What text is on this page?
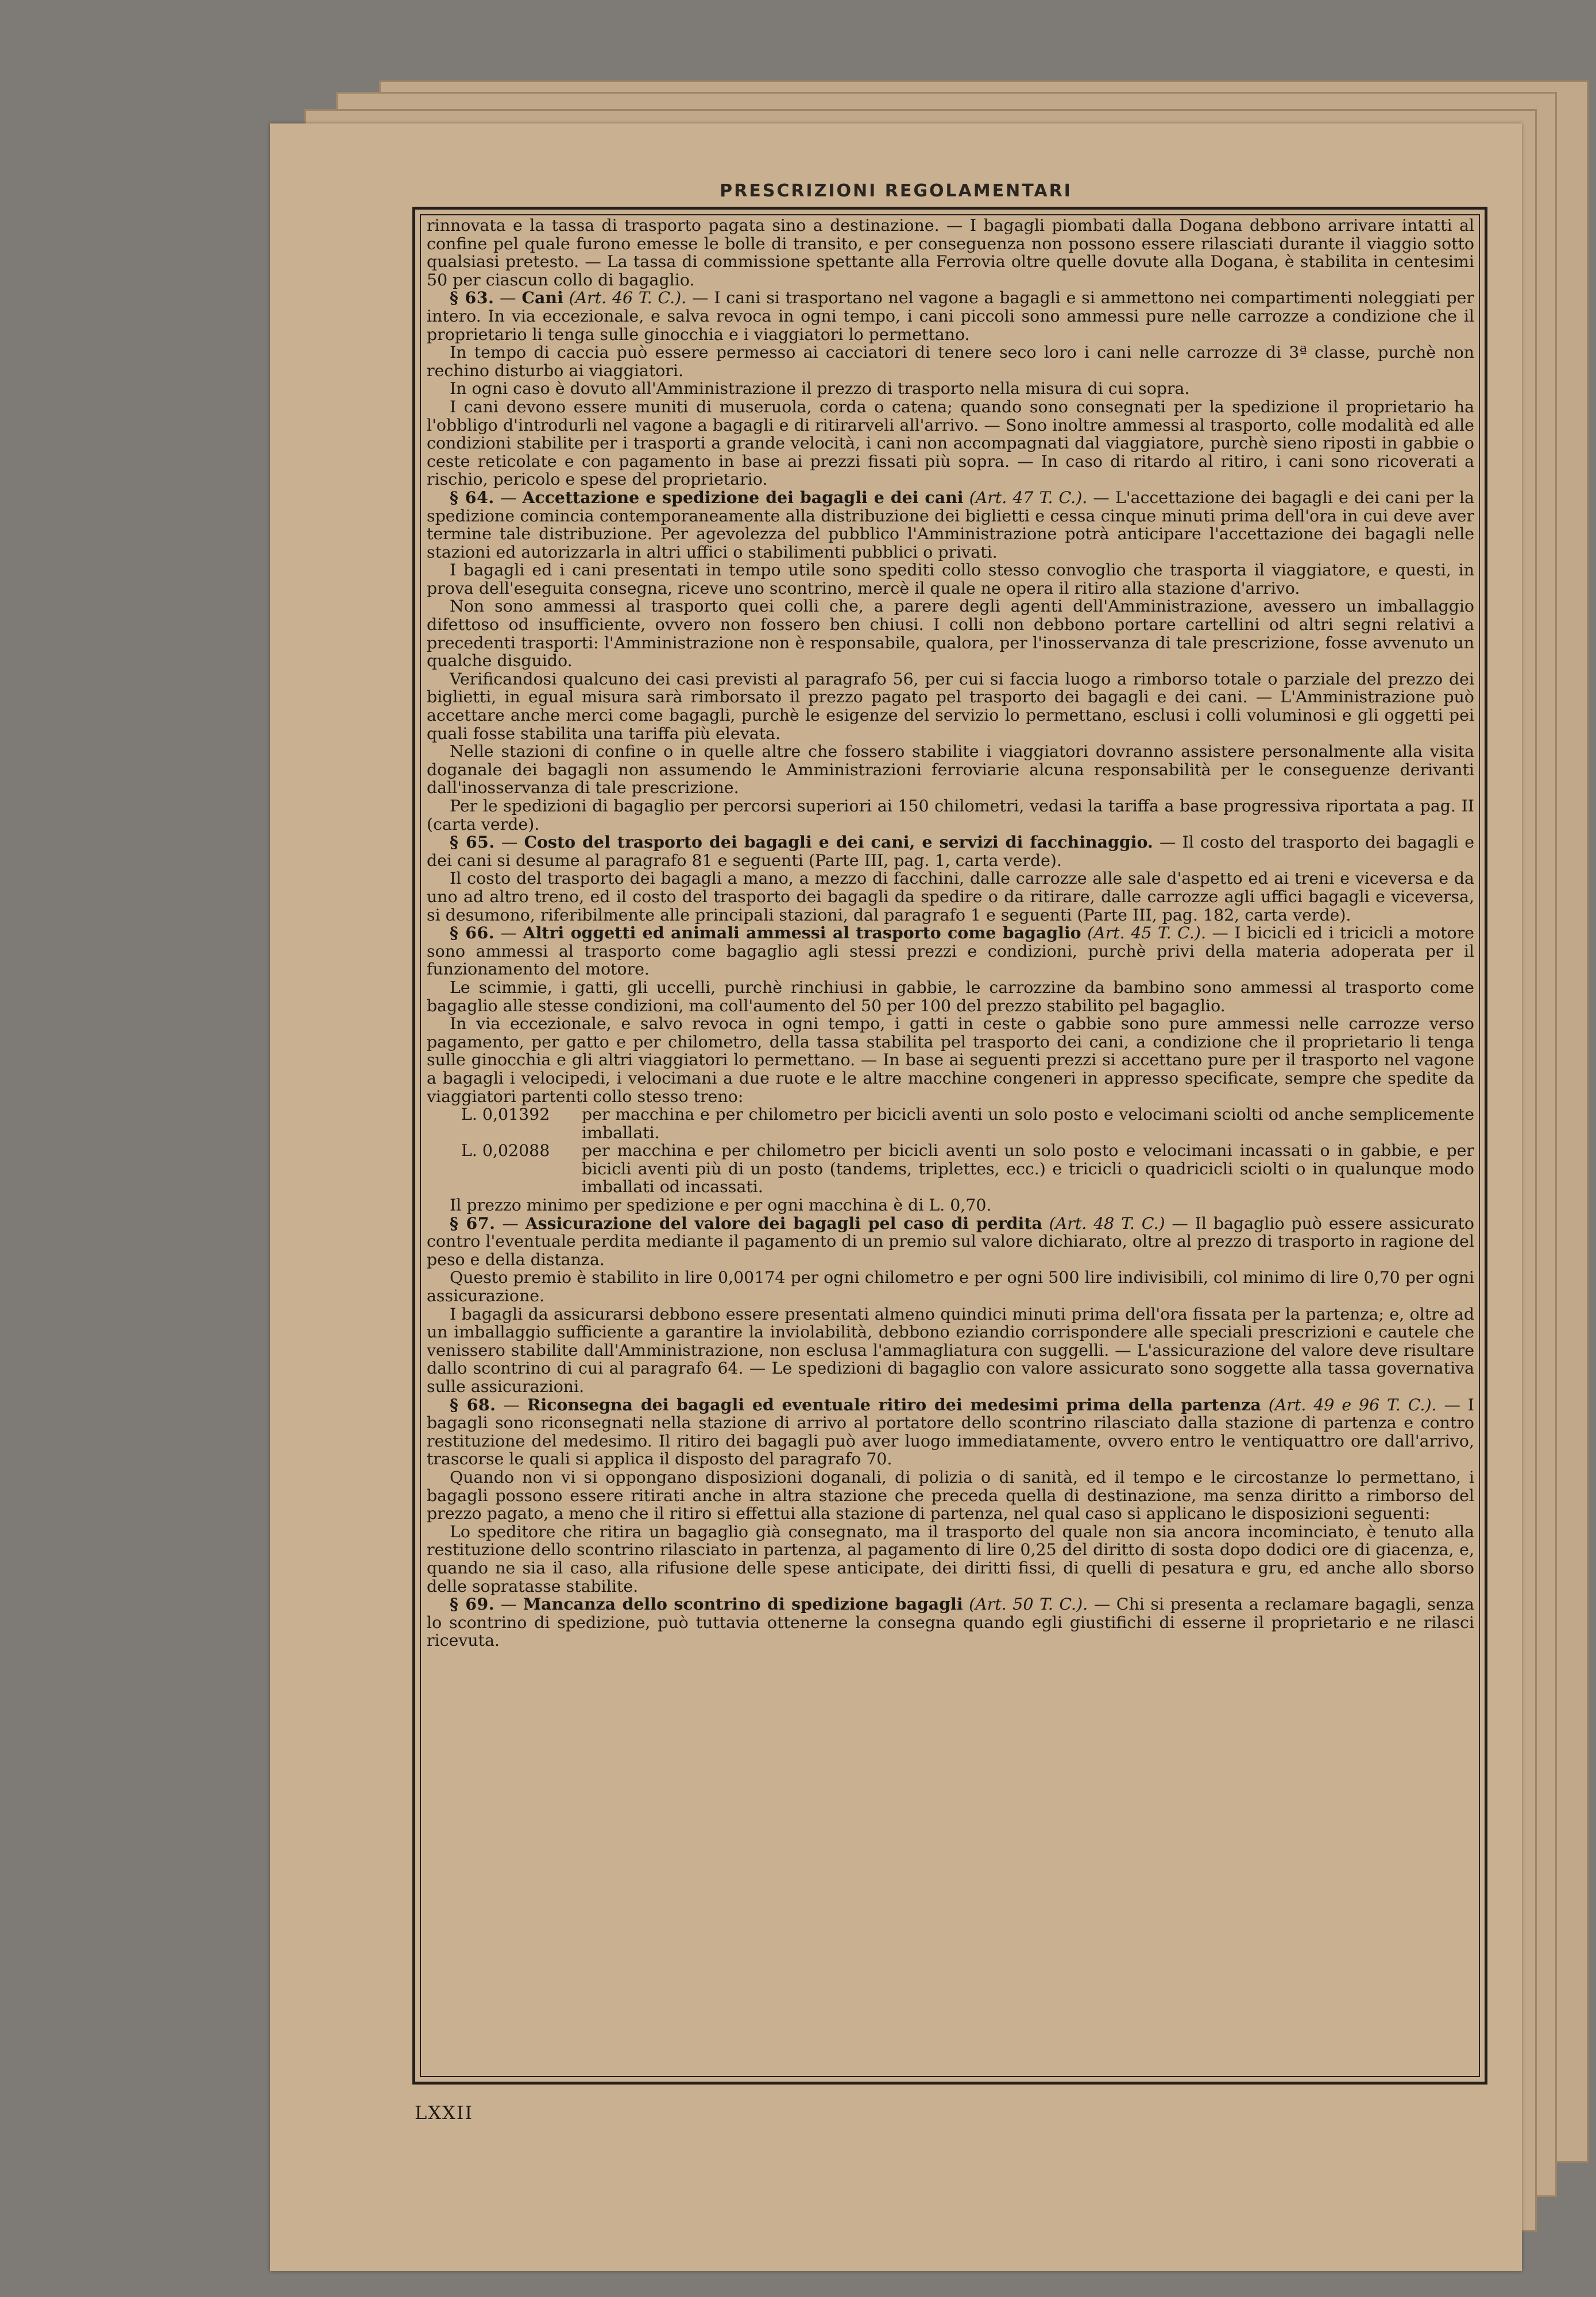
PRESCRIZIONI REGOLAMENTARI

rinnovata e la tassa di trasporto pagata sino a destinazione. — I bagagli piombati dalla Dogana debbono arrivare intatti al confine pel quale furono emesse le bolle di transito, e per conseguenza non possono essere rilasciati durante il viaggio sotto qualsiasi pretesto. — La tassa di commissione spettante alla Ferrovia oltre quelle dovute alla Dogana, è stabilita in centesimi 50 per ciascun collo di bagaglio.

§ 63. — Cani (Art. 46 T. C.). — I cani si trasportano nel vagone a bagagli e si ammettono nei compartimenti noleggiati per intero. In via eccezionale, e salva revoca in ogni tempo, i cani piccoli sono ammessi pure nelle carrozze a condizione che il proprietario li tenga sulle ginocchia e i viaggiatori lo permettano.

In tempo di caccia può essere permesso ai cacciatori di tenere seco loro i cani nelle carrozze di 3ª classe, purchè non rechino disturbo ai viaggiatori.

In ogni caso è dovuto all'Amministrazione il prezzo di trasporto nella misura di cui sopra.

I cani devono essere muniti di museruola, corda o catena; quando sono consegnati per la spedizione il proprietario ha l'obbligo d'introdurli nel vagone a bagagli e di ritirarveli all'arrivo. — Sono inoltre ammessi al trasporto, colle modalità ed alle condizioni stabilite per i trasporti a grande velocità, i cani non accompagnati dal viaggiatore, purchè sieno riposti in gabbie o ceste reticolate e con pagamento in base ai prezzi fissati più sopra. — In caso di ritardo al ritiro, i cani sono ricoverati a rischio, pericolo e spese del proprietario.

§ 64. — Accettazione e spedizione dei bagagli e dei cani (Art. 47 T. C.). — L'accettazione dei bagagli e dei cani per la spedizione comincia contemporaneamente alla distribuzione dei biglietti e cessa cinque minuti prima dell'ora in cui deve aver termine tale distribuzione. Per agevolezza del pubblico l'Amministrazione potrà anticipare l'accettazione dei bagagli nelle stazioni ed autorizzarla in altri uffici o stabilimenti pubblici o privati.

I bagagli ed i cani presentati in tempo utile sono spediti collo stesso convoglio che trasporta il viaggiatore, e questi, in prova dell'eseguita consegna, riceve uno scontrino, mercè il quale ne opera il ritiro alla stazione d'arrivo.

Non sono ammessi al trasporto quei colli che, a parere degli agenti dell'Amministrazione, avessero un imballaggio difettoso od insufficiente, ovvero non fossero ben chiusi. I colli non debbono portare cartellini od altri segni relativi a precedenti trasporti: l'Amministrazione non è responsabile, qualora, per l'inosservanza di tale prescrizione, fosse avvenuto un qualche disguido.

Verificandosi qualcuno dei casi previsti al paragrafo 56, per cui si faccia luogo a rimborso totale o parziale del prezzo dei biglietti, in egual misura sarà rimborsato il prezzo pagato pel trasporto dei bagagli e dei cani. — L'Amministrazione può accettare anche merci come bagagli, purchè le esigenze del servizio lo permettano, esclusi i colli voluminosi e gli oggetti pei quali fosse stabilita una tariffa più elevata.

Nelle stazioni di confine o in quelle altre che fossero stabilite i viaggiatori dovranno assistere personalmente alla visita doganale dei bagagli non assumendo le Amministrazioni ferroviarie alcuna responsabilità per le conseguenze derivanti dall'inosservanza di tale prescrizione.

Per le spedizioni di bagaglio per percorsi superiori ai 150 chilometri, vedasi la tariffa a base progressiva riportata a pag. II (carta verde).

§ 65. — Costo del trasporto dei bagagli e dei cani, e servizi di facchinaggio. — Il costo del trasporto dei bagagli e dei cani si desume al paragrafo 81 e seguenti (Parte III, pag. 1, carta verde).

Il costo del trasporto dei bagagli a mano, a mezzo di facchini, dalle carrozze alle sale d'aspetto ed ai treni e viceversa e da uno ad altro treno, ed il costo del trasporto dei bagagli da spedire o da ritirare, dalle carrozze agli uffici bagagli e viceversa, si desumono, riferibilmente alle principali stazioni, dal paragrafo 1 e seguenti (Parte III, pag. 182, carta verde).

§ 66. — Altri oggetti ed animali ammessi al trasporto come bagaglio (Art. 45 T. C.). — I bicicli ed i tricicli a motore sono ammessi al trasporto come bagaglio agli stessi prezzi e condizioni, purchè privi della materia adoperata per il funzionamento del motore.

Le scimmie, i gatti, gli uccelli, purchè rinchiusi in gabbie, le carrozzine da bambino sono ammessi al trasporto come bagaglio alle stesse condizioni, ma coll'aumento del 50 per 100 del prezzo stabilito pel bagaglio.

In via eccezionale, e salvo revoca in ogni tempo, i gatti in ceste o gabbie sono pure ammessi nelle carrozze verso pagamento, per gatto e per chilometro, della tassa stabilita pel trasporto dei cani, a condizione che il proprietario li tenga sulle ginocchia e gli altri viaggiatori lo permettano. — In base ai seguenti prezzi si accettano pure per il trasporto nel vagone a bagagli i velocipedi, i velocimani a due ruote e le altre macchine congeneri in appresso specificate, sempre che spedite da viaggiatori partenti collo stesso treno:

L. 0,01392	per macchina e per chilometro per bicicli aventi un solo posto e velocimani sciolti od anche semplicemente imballati.
L. 0,02088	per macchina e per chilometro per bicicli aventi un solo posto e velocimani incassati o in gabbie, e per bicicli aventi più di un posto (tandems, triplettes, ecc.) e tricicli o quadricicli sciolti o in qualunque modo imballati od incassati.

Il prezzo minimo per spedizione e per ogni macchina è di L. 0,70.

§ 67. — Assicurazione del valore dei bagagli pel caso di perdita (Art. 48 T. C.) — Il bagaglio può essere assicurato contro l'eventuale perdita mediante il pagamento di un premio sul valore dichiarato, oltre al prezzo di trasporto in ragione del peso e della distanza.

Questo premio è stabilito in lire 0,00174 per ogni chilometro e per ogni 500 lire indivisibili, col minimo di lire 0,70 per ogni assicurazione.

I bagagli da assicurarsi debbono essere presentati almeno quindici minuti prima dell'ora fissata per la partenza; e, oltre ad un imballaggio sufficiente a garantire la inviolabilità, debbono eziandio corrispondere alle speciali prescrizioni e cautele che venissero stabilite dall'Amministrazione, non esclusa l'ammagliatura con suggelli. — L'assicurazione del valore deve risultare dallo scontrino di cui al paragrafo 64. — Le spedizioni di bagaglio con valore assicurato sono soggette alla tassa governativa sulle assicurazioni.

§ 68. — Riconsegna dei bagagli ed eventuale ritiro dei medesimi prima della partenza (Art. 49 e 96 T. C.). — I bagagli sono riconsegnati nella stazione di arrivo al portatore dello scontrino rilasciato dalla stazione di partenza e contro restituzione del medesimo. Il ritiro dei bagagli può aver luogo immediatamente, ovvero entro le ventiquattro ore dall'arrivo, trascorse le quali si applica il disposto del paragrafo 70.

Quando non vi si oppongano disposizioni doganali, di polizia o di sanità, ed il tempo e le circostanze lo permettano, i bagagli possono essere ritirati anche in altra stazione che preceda quella di destinazione, ma senza diritto a rimborso del prezzo pagato, a meno che il ritiro si effettui alla stazione di partenza, nel qual caso si applicano le disposizioni seguenti:

Lo speditore che ritira un bagaglio già consegnato, ma il trasporto del quale non sia ancora incominciato, è tenuto alla restituzione dello scontrino rilasciato in partenza, al pagamento di lire 0,25 del diritto di sosta dopo dodici ore di giacenza, e, quando ne sia il caso, alla rifusione delle spese anticipate, dei diritti fissi, di quelli di pesatura e gru, ed anche allo sborso delle sopratasse stabilite.

§ 69. — Mancanza dello scontrino di spedizione bagagli (Art. 50 T. C.). — Chi si presenta a reclamare bagagli, senza lo scontrino di spedizione, può tuttavia ottenerne la consegna quando egli giustifichi di esserne il proprietario e ne rilasci ricevuta.

LXXII
